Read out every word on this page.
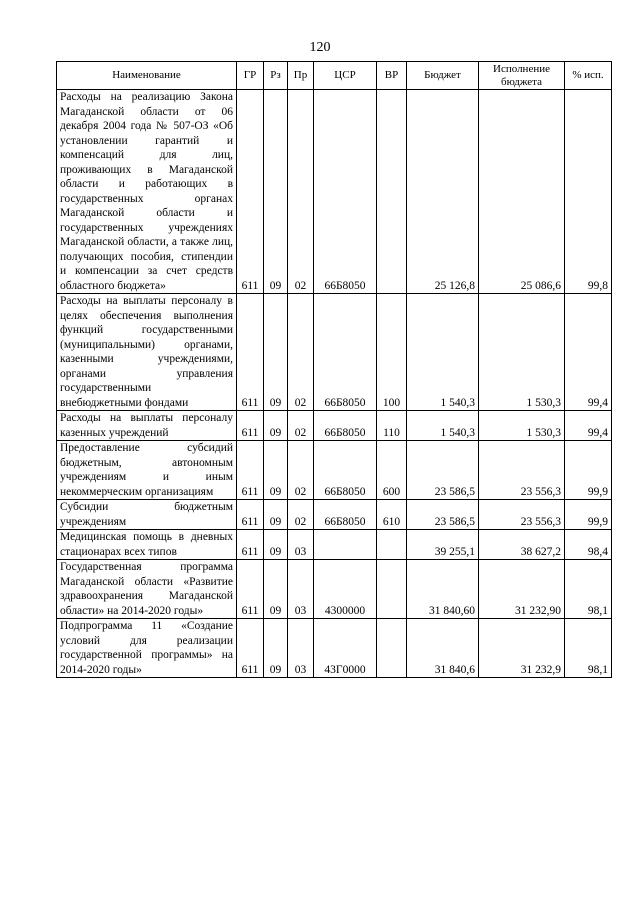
120
Наименование	ГР	Рз	Пр	ЦСР	ВР	Бюджет	Исполнение бюджета	% исп.
Расходы на реализацию Закона Магаданской области от 06 декабря 2004 года № 507-ОЗ «Об установлении гарантий и компенсаций для лиц, проживающих в Магаданской области и работающих в государственных органах Магаданской области и государственных учреждениях Магаданской области, а также лиц, получающих пособия, стипендии и компенсации за счет средств областного бюджета»	611	09	02	66Б8050		25 126,8	25 086,6	99,8
Расходы на выплаты персоналу в целях обеспечения выполнения функций государственными (муниципальными) органами, казенными учреждениями, органами управления государственными внебюджетными фондами	611	09	02	66Б8050	100	1 540,3	1 530,3	99,4
Расходы на выплаты персоналу казенных учреждений	611	09	02	66Б8050	110	1 540,3	1 530,3	99,4
Предоставление субсидий бюджетным, автономным учреждениям и иным некоммерческим организациям	611	09	02	66Б8050	600	23 586,5	23 556,3	99,9
Субсидии бюджетным учреждениям	611	09	02	66Б8050	610	23 586,5	23 556,3	99,9
Медицинская помощь в дневных стационарах всех типов	611	09	03			39 255,1	38 627,2	98,4
Государственная программа Магаданской области «Развитие здравоохранения Магаданской области» на 2014-2020 годы»	611	09	03	4300000		31 840,60	31 232,90	98,1
Подпрограмма 11 «Создание условий для реализации государственной программы» на 2014-2020 годы»	611	09	03	43Г0000		31 840,6	31 232,9	98,1
